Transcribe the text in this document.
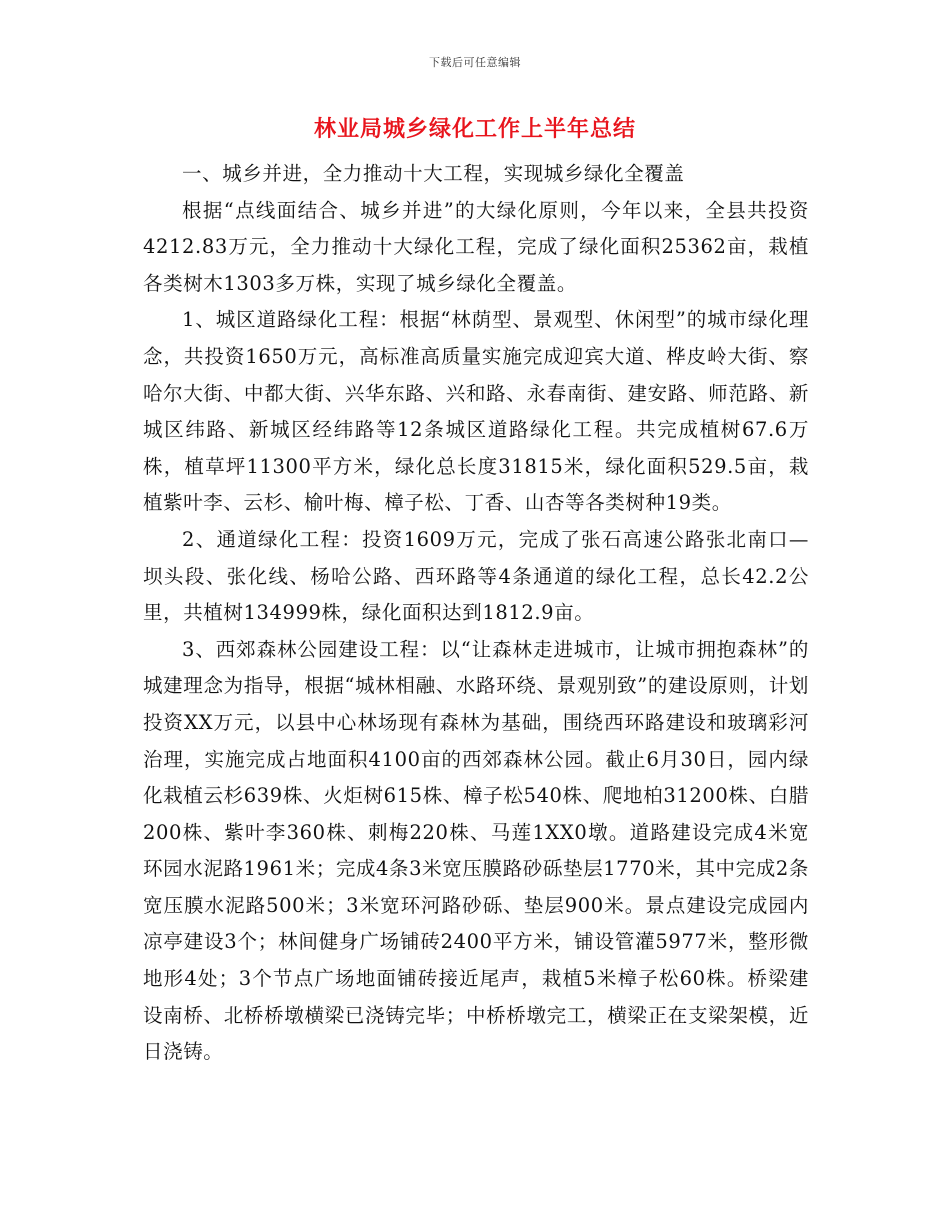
下载后可任意编辑
林业局城乡绿化工作上半年总结

一、城乡并进，全力推动十大工程，实现城乡绿化全覆盖

根据“点线面结合、城乡并进”的大绿化原则，今年以来，全县共投资4212.83万元，全力推动十大绿化工程，完成了绿化面积25362亩，栽植各类树木1303多万株，实现了城乡绿化全覆盖。

1、城区道路绿化工程：根据“林荫型、景观型、休闲型”的城市绿化理念，共投资1650万元，高标准高质量实施完成迎宾大道、桦皮岭大街、察哈尔大街、中都大街、兴华东路、兴和路、永春南街、建安路、师范路、新城区纬路、新城区经纬路等12条城区道路绿化工程。共完成植树67.6万株，植草坪11300平方米，绿化总长度31815米，绿化面积529.5亩，栽植紫叶李、云杉、榆叶梅、樟子松、丁香、山杏等各类树种19类。

2、通道绿化工程：投资1609万元，完成了张石高速公路张北南口—坝头段、张化线、杨哈公路、西环路等4条通道的绿化工程，总长42.2公里，共植树134999株，绿化面积达到1812.9亩。

3、西郊森林公园建设工程：以“让森林走进城市，让城市拥抱森林”的城建理念为指导，根据“城林相融、水路环绕、景观别致”的建设原则，计划投资XX万元，以县中心林场现有森林为基础，围绕西环路建设和玻璃彩河治理，实施完成占地面积4100亩的西郊森林公园。截止6月30日，园内绿化栽植云杉639株、火炬树615株、樟子松540株、爬地柏31200株、白腊200株、紫叶李360株、刺梅220株、马莲1XX0墩。道路建设完成4米宽环园水泥路1961米；完成4条3米宽压膜路砂砾垫层1770米，其中完成2条宽压膜水泥路500米；3米宽环河路砂砾、垫层900米。景点建设完成园内凉亭建设3个；林间健身广场铺砖2400平方米，铺设管灌5977米，整形微地形4处；3个节点广场地面铺砖接近尾声，栽植5米樟子松60株。桥梁建设南桥、北桥桥墩横梁已浇铸完毕；中桥桥墩完工，横梁正在支梁架模，近日浇铸。
